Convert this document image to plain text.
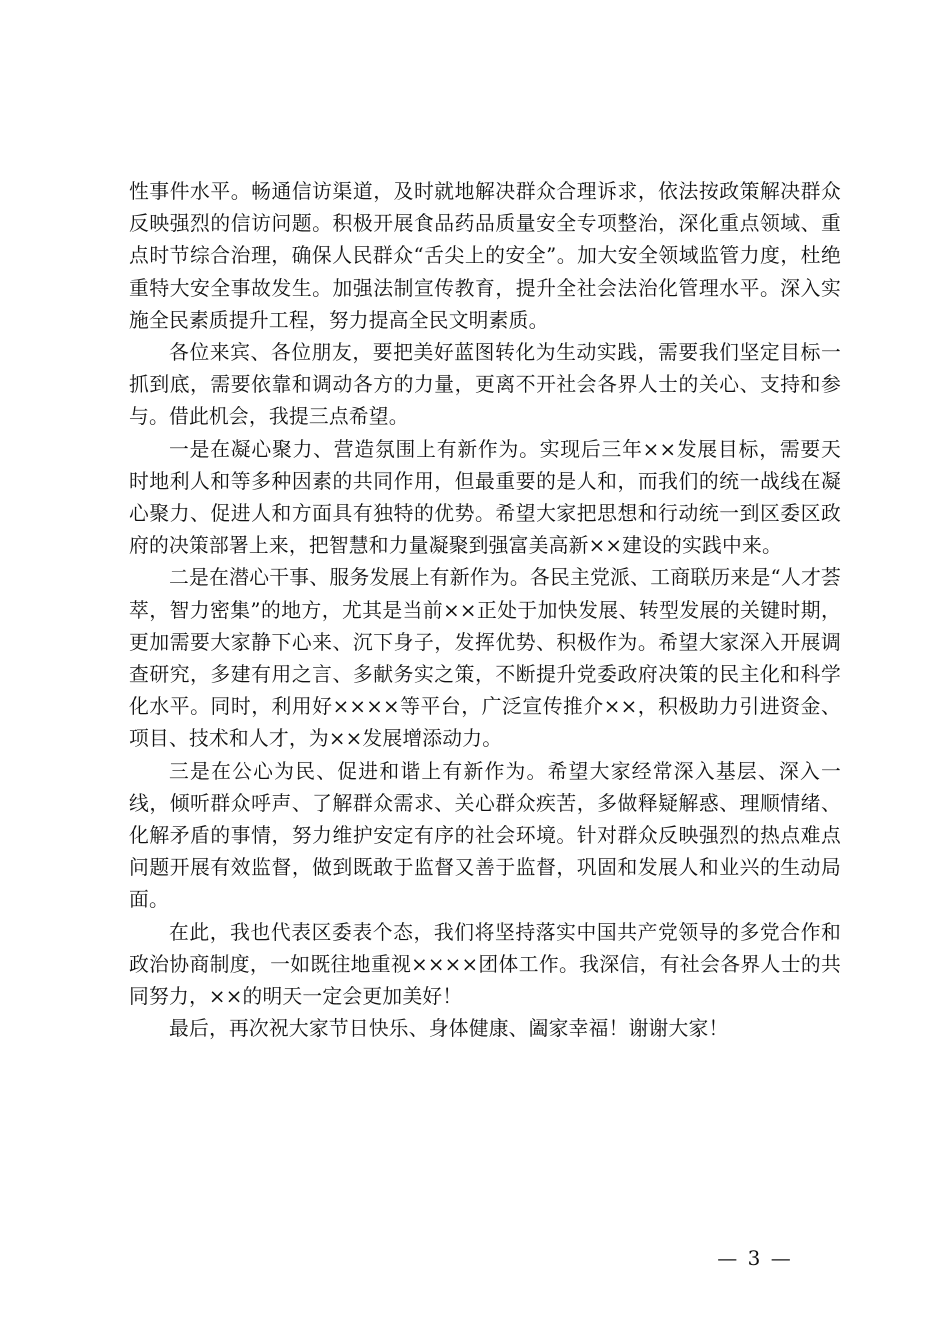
性事件水平。畅通信访渠道，及时就地解决群众合理诉求，依法按政策解决群众反映强烈的信访问题。积极开展食品药品质量安全专项整治，深化重点领域、重点时节综合治理，确保人民群众“舌尖上的安全”。加大安全领域监管力度，杜绝重特大安全事故发生。加强法制宣传教育，提升全社会法治化管理水平。深入实施全民素质提升工程，努力提高全民文明素质。

各位来宾、各位朋友，要把美好蓝图转化为生动实践，需要我们坚定目标一抓到底，需要依靠和调动各方的力量，更离不开社会各界人士的关心、支持和参与。借此机会，我提三点希望。

一是在凝心聚力、营造氛围上有新作为。实现后三年××发展目标，需要天时地利人和等多种因素的共同作用，但最重要的是人和，而我们的统一战线在凝心聚力、促进人和方面具有独特的优势。希望大家把思想和行动统一到区委区政府的决策部署上来，把智慧和力量凝聚到强富美高新××建设的实践中来。

二是在潜心干事、服务发展上有新作为。各民主党派、工商联历来是“人才荟萃，智力密集”的地方，尤其是当前××正处于加快发展、转型发展的关键时期，更加需要大家静下心来、沉下身子，发挥优势、积极作为。希望大家深入开展调查研究，多建有用之言、多献务实之策，不断提升党委政府决策的民主化和科学化水平。同时，利用好××××等平台，广泛宣传推介××，积极助力引进资金、项目、技术和人才，为××发展增添动力。

三是在公心为民、促进和谐上有新作为。希望大家经常深入基层、深入一线，倾听群众呼声、了解群众需求、关心群众疾苦，多做释疑解惑、理顺情绪、化解矛盾的事情，努力维护安定有序的社会环境。针对群众反映强烈的热点难点问题开展有效监督，做到既敢于监督又善于监督，巩固和发展人和业兴的生动局面。

在此，我也代表区委表个态，我们将坚持落实中国共产党领导的多党合作和政治协商制度，一如既往地重视××××团体工作。我深信，有社会各界人士的共同努力，××的明天一定会更加美好！

最后，再次祝大家节日快乐、身体健康、阖家幸福！谢谢大家！

— 3 —
